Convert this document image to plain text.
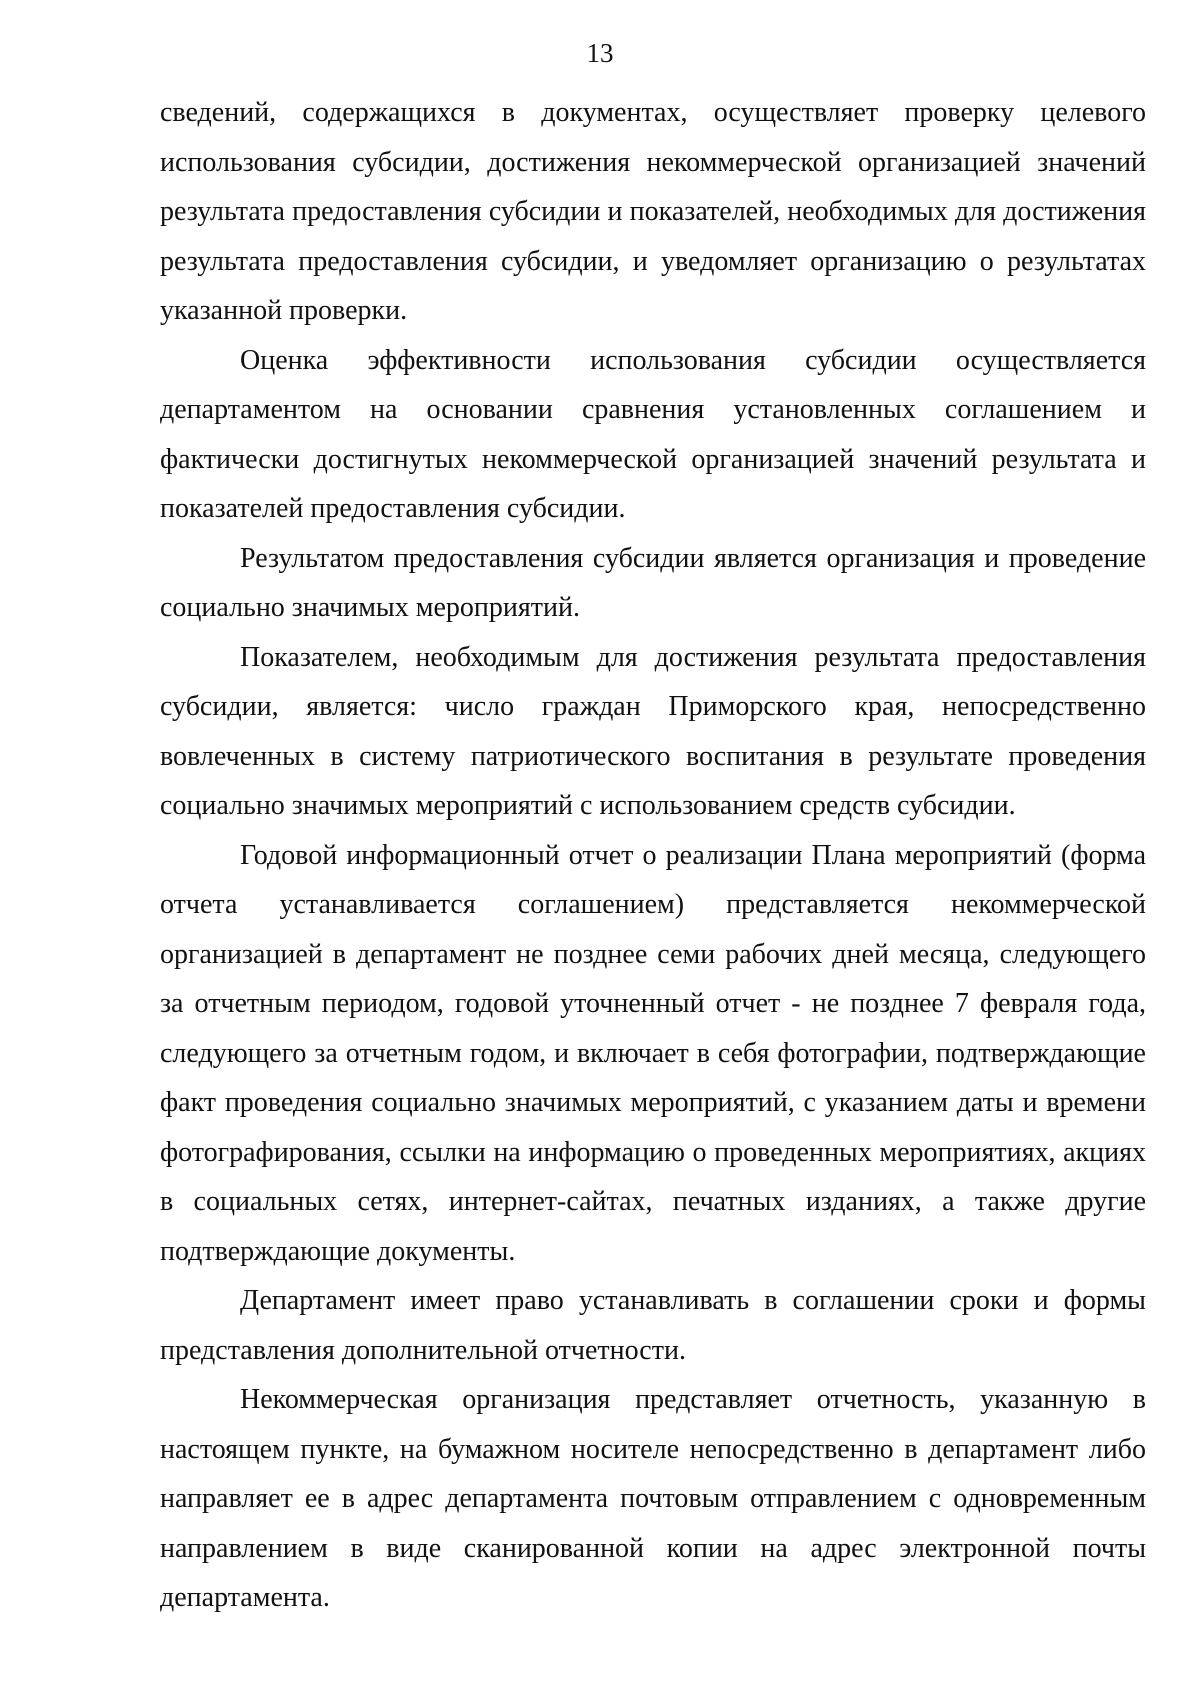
13

сведений, содержащихся в документах, осуществляет проверку целевого использования субсидии, достижения некоммерческой организацией значений результата предоставления субсидии и показателей, необходимых для достижения результата предоставления субсидии, и уведомляет организацию о результатах указанной проверки.

Оценка эффективности использования субсидии осуществляется департаментом на основании сравнения установленных соглашением и фактически достигнутых некоммерческой организацией значений результата и показателей предоставления субсидии.

Результатом предоставления субсидии является организация и проведение социально значимых мероприятий.

Показателем, необходимым для достижения результата предоставления субсидии, является: число граждан Приморского края, непосредственно вовлеченных в систему патриотического воспитания в результате проведения социально значимых мероприятий с использованием средств субсидии.

Годовой информационный отчет о реализации Плана мероприятий (форма отчета устанавливается соглашением) представляется некоммерческой организацией в департамент не позднее семи рабочих дней месяца, следующего за отчетным периодом, годовой уточненный отчет - не позднее 7 февраля года, следующего за отчетным годом, и включает в себя фотографии, подтверждающие факт проведения социально значимых мероприятий, с указанием даты и времени фотографирования, ссылки на информацию о проведенных мероприятиях, акциях в социальных сетях, интернет-сайтах, печатных изданиях, а также другие подтверждающие документы.

Департамент имеет право устанавливать в соглашении сроки и формы представления дополнительной отчетности.

Некоммерческая организация представляет отчетность, указанную в настоящем пункте, на бумажном носителе непосредственно в департамент либо направляет ее в адрес департамента почтовым отправлением с одновременным направлением в виде сканированной копии на адрес электронной почты департамента.
